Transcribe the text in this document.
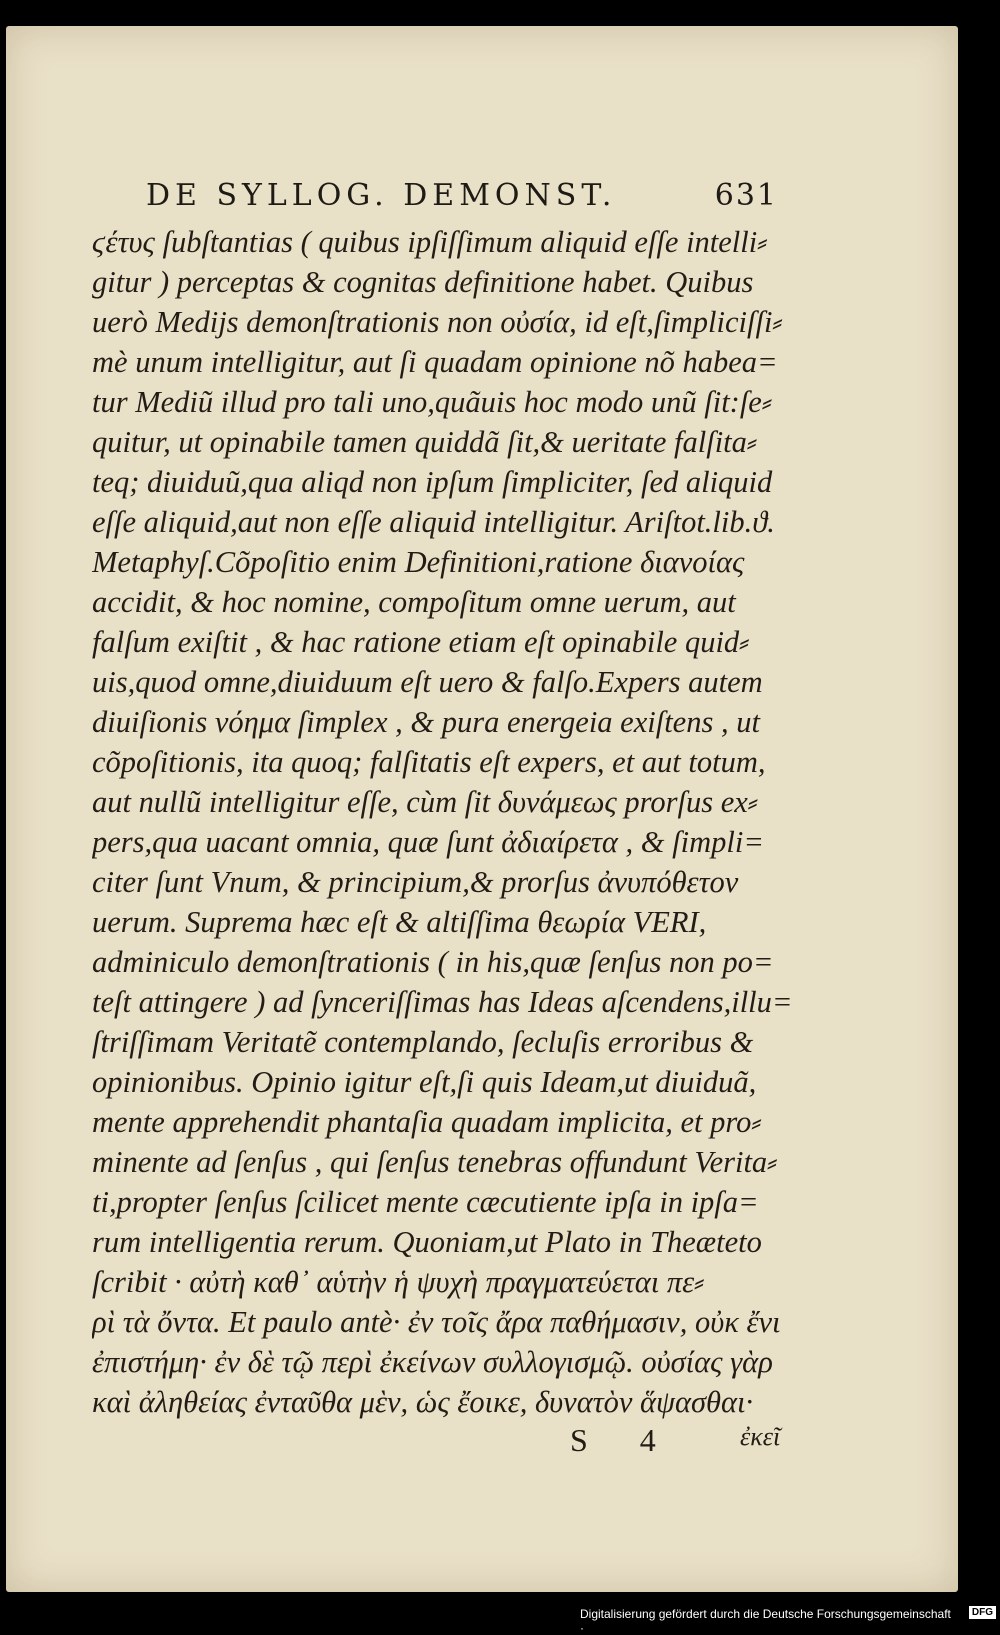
DE SYLLOG. DEMONST.	631
ϛέτυς ſubſtantias ( quibus ipſiſſimum aliquid eſſe intelli⸗
gitur ) perceptas & cognitas definitione habet. Quibus
uerò Medijs demonſtrationis non οὐσία, id eſt,ſimpliciſſi⸗
mè unum intelligitur, aut ſi quadam opinione nõ habea=
tur Mediũ illud pro tali uno,quãuis hoc modo unũ ſit:ſe⸗
quitur, ut opinabile tamen quiddã ſit,& ueritate falſita⸗
teq; diuiduũ,qua aliqd non ipſum ſimpliciter, ſed aliquid
eſſe aliquid,aut non eſſe aliquid intelligitur. Ariſtot.lib.ϑ.
Metaphyſ.Cõpoſitio enim Definitioni,ratione διανοίας
accidit, & hoc nomine, compoſitum omne uerum, aut
falſum exiſtit , & hac ratione etiam eſt opinabile quid⸗
uis,quod omne,diuiduum eſt uero & falſo.Expers autem
diuiſionis νόημα ſimplex , & pura energeia exiſtens , ut
cõpoſitionis, ita quoq; falſitatis eſt expers, et aut totum,
aut nullũ intelligitur eſſe, cùm ſit δυνάμεως prorſus ex⸗
pers,qua uacant omnia, quæ ſunt ἀδιαίρετα , & ſimpli=
citer ſunt Vnum, & principium,& prorſus ἀνυπόθετον
uerum. Suprema hæc eſt & altiſſima θεωρία VERI,
adminiculo demonſtrationis ( in his,quæ ſenſus non po=
teſt attingere ) ad ſynceriſſimas has Ideas aſcendens,illu=
ſtriſſimam Veritatẽ contemplando, ſecluſis erroribus &
opinionibus. Opinio igitur eſt,ſi quis Ideam,ut diuiduã,
mente apprehendit phantaſia quadam implicita, et pro⸗
minente ad ſenſus , qui ſenſus tenebras offundunt Verita⸗
ti,propter ſenſus ſcilicet mente cæcutiente ipſa in ipſa=
rum intelligentia rerum. Quoniam,ut Plato in Theæteto
ſcribit · αὐτὴ καθ᾽ αὑτὴν ἡ ψυχὴ πραγματεύεται πε⸗
ρὶ τὰ ὄντα. Et paulo antè· ἐν τοῖς ἄρα παθήμασιν, οὐκ ἔνι
ἐπιστήμη· ἐν δὲ τῷ περὶ ἐκείνων συλλογισμῷ. οὐσίας γὰρ
καὶ ἀληθείας ἐνταῦθα μὲν, ὡς ἔοικε, δυνατὸν ἅψασθαι·
S 4 ἐκεῖ
Digitalisierung gefördert durch die Deutsche Forschungsgemeinschaft ·
DFG
